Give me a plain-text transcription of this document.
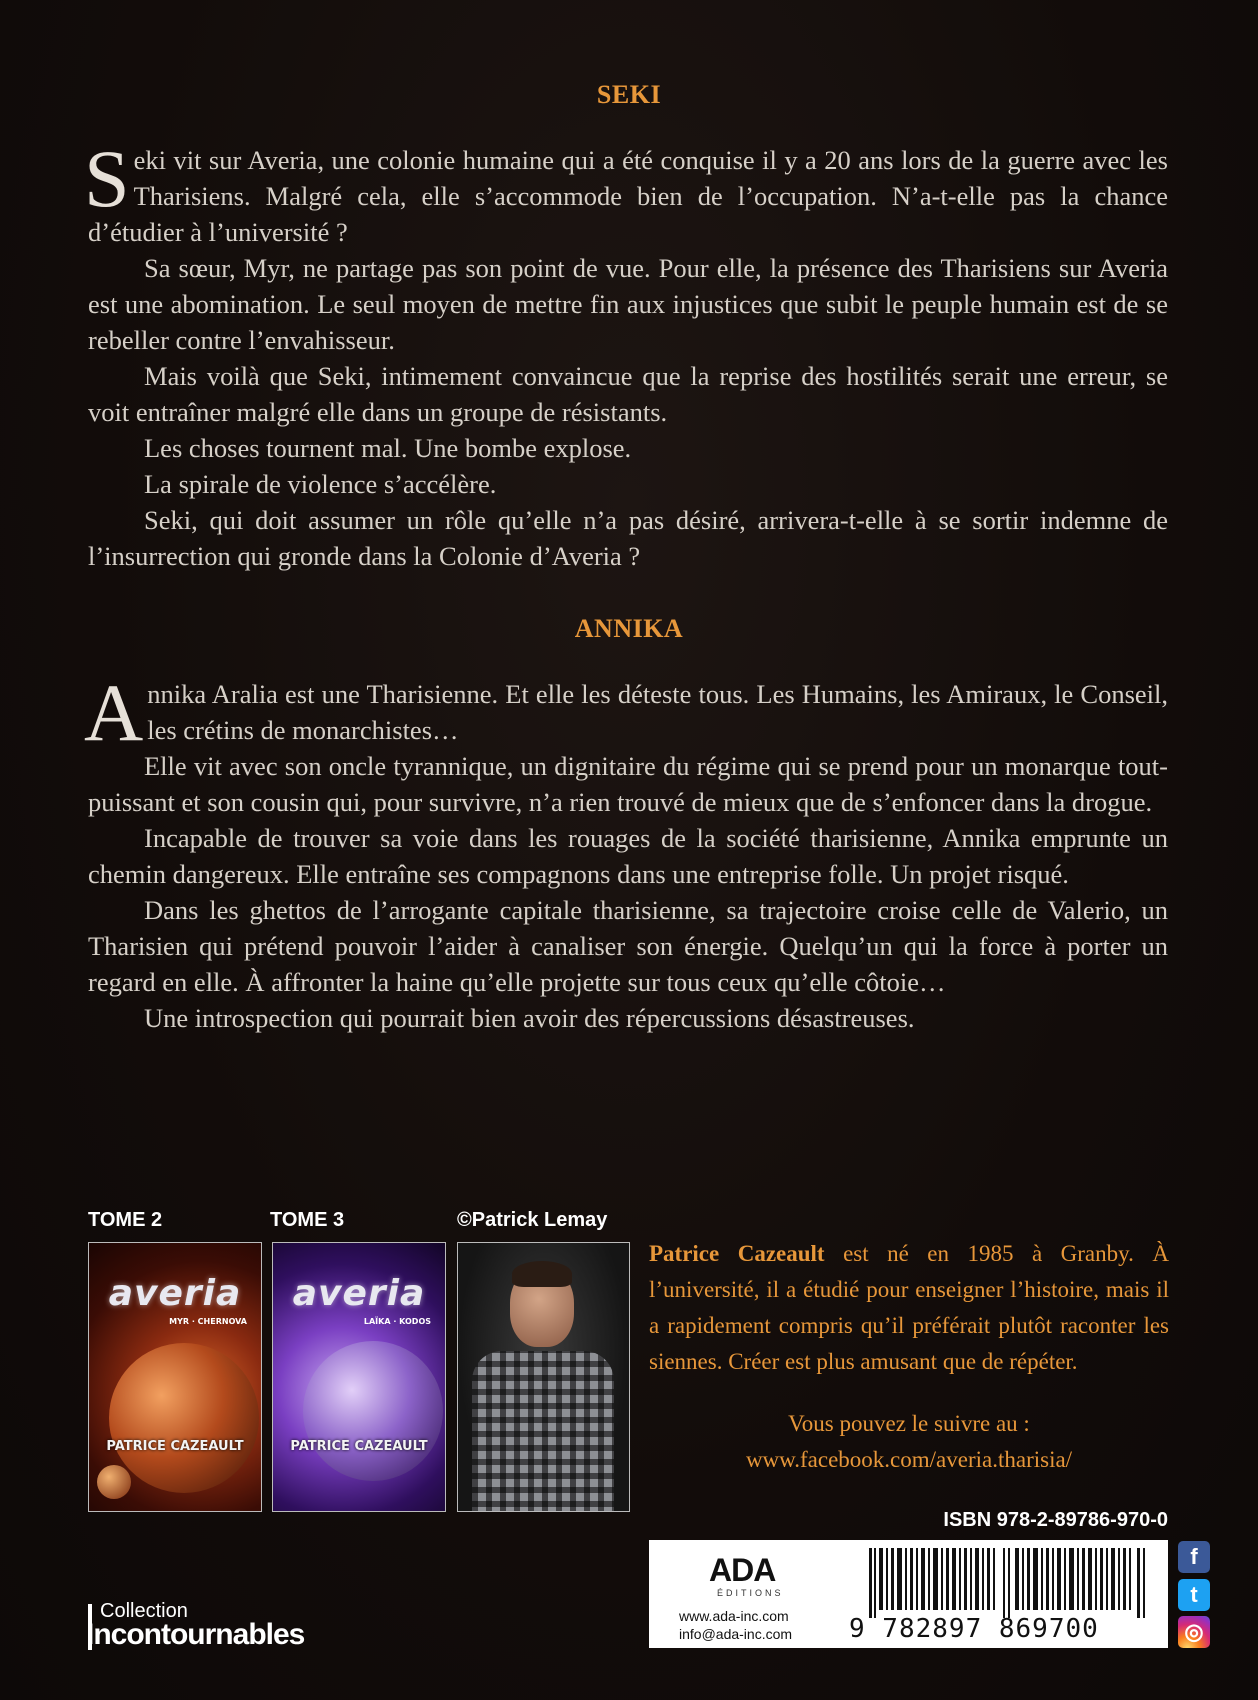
SEKI

Seki vit sur Averia, une colonie humaine qui a été conquise il y a 20 ans lors de la guerre avec les Tharisiens. Malgré cela, elle s’accommode bien de l’occupation. N’a-t-elle pas la chance d’étudier à l’université ?

Sa sœur, Myr, ne partage pas son point de vue. Pour elle, la présence des Tharisiens sur Averia est une abomination. Le seul moyen de mettre fin aux injustices que subit le peuple humain est de se rebeller contre l’envahisseur.

Mais voilà que Seki, intimement convaincue que la reprise des hostilités serait une erreur, se voit entraîner malgré elle dans un groupe de résistants.

Les choses tournent mal. Une bombe explose.

La spirale de violence s’accélère.

Seki, qui doit assumer un rôle qu’elle n’a pas désiré, arrivera-t-elle à se sortir indemne de l’insurrection qui gronde dans la Colonie d’Averia ?

ANNIKA

Annika Aralia est une Tharisienne. Et elle les déteste tous. Les Humains, les Amiraux, le Conseil, les crétins de monarchistes…

Elle vit avec son oncle tyrannique, un dignitaire du régime qui se prend pour un monarque tout-puissant et son cousin qui, pour survivre, n’a rien trouvé de mieux que de s’enfoncer dans la drogue.

Incapable de trouver sa voie dans les rouages de la société tharisienne, Annika emprunte un chemin dangereux. Elle entraîne ses compagnons dans une entreprise folle. Un projet risqué.

Dans les ghettos de l’arrogante capitale tharisienne, sa trajectoire croise celle de Valerio, un Tharisien qui prétend pouvoir l’aider à canaliser son énergie. Quelqu’un qui la force à porter un regard en elle. À affronter la haine qu’elle projette sur tous ceux qu’elle côtoie…

Une introspection qui pourrait bien avoir des répercussions désastreuses.

TOME 2	TOME 3	©Patrick Lemay
averia
MYR · CHERNOVA
PATRICE CAZEAULT
averia
LAÏKA · KODOS
PATRICE CAZEAULT
Patrice Cazeault est né en 1985 à Granby. À l’université, il a étudié pour enseigner l’histoire, mais il a rapidement compris qu’il préférait plutôt raconter les siennes. Créer est plus amusant que de répéter.
Vous pouvez le suivre au :
www.facebook.com/averia.tharisia/
ISBN 978-2-89786-970-0
ADA
ÉDITIONS
www.ada-inc.com
info@ada-inc.com 9 782897 869700
f
t
◎
Collection
Incontournables
